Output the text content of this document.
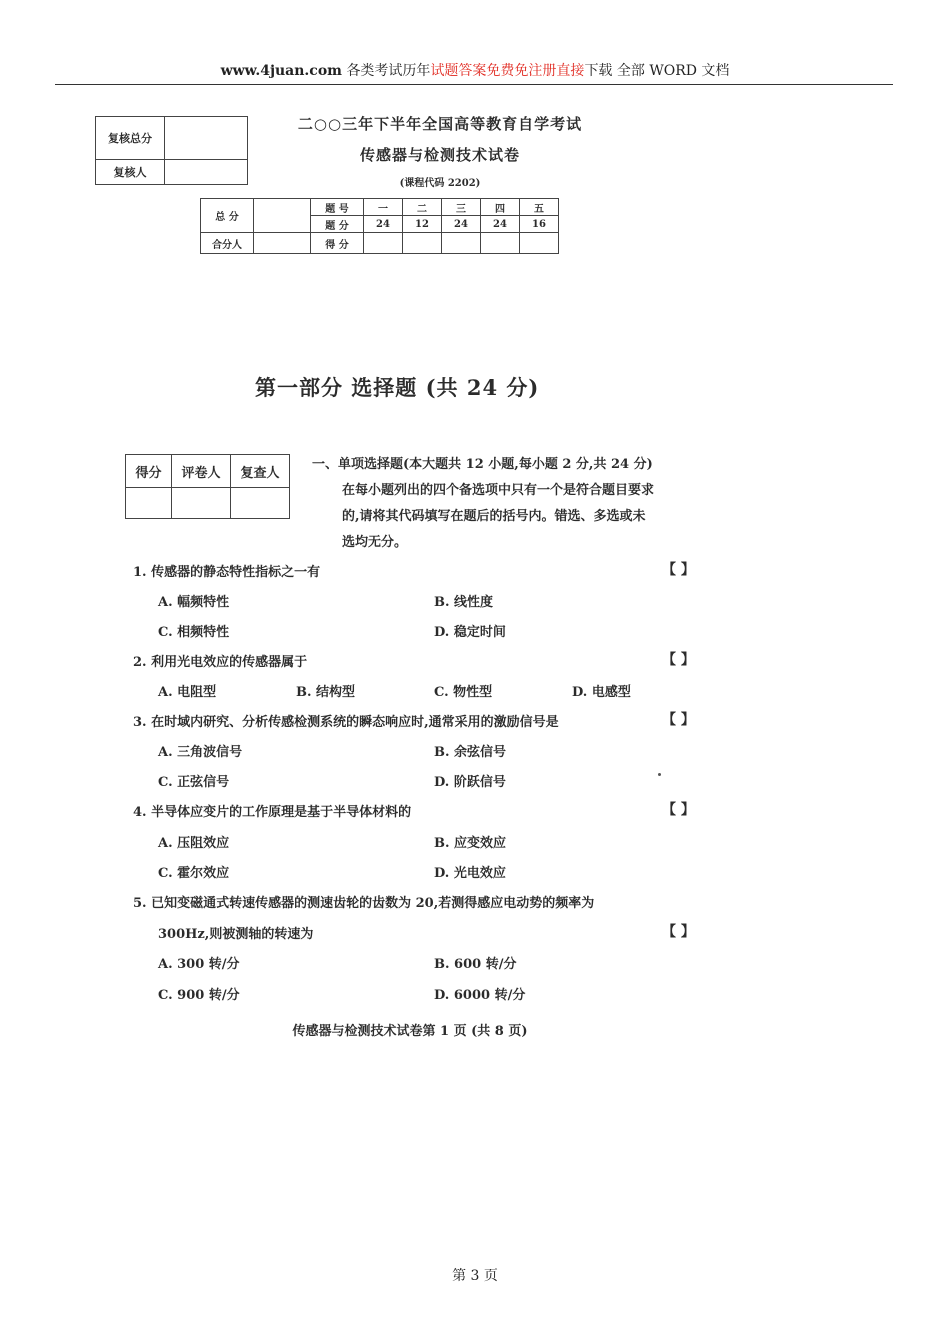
www.4juan.com 各类考试历年试题答案免费免注册直接下载 全部 WORD 文档
复核总分	
复核人	
二○○三年下半年全国高等教育自学考试
传感器与检测技术试卷
(课程代码 2202)
总 分		题 号	一	二	三	四	五
		题 分	24	12	24	24	16
合分人		得 分					
第一部分 选择题 (共 24 分)
得分	评卷人	复查人

一、单项选择题(本大题共 12 小题,每小题 2 分,共 24 分)
在每小题列出的四个备选项中只有一个是符合题目要求
的,请将其代码填写在题后的括号内。错选、多选或未
选均无分。
1. 传感器的静态特性指标之一有	【 】
A. 幅频特性	B. 线性度
C. 相频特性	D. 稳定时间
2. 利用光电效应的传感器属于	【 】
A. 电阻型	B. 结构型	C. 物性型	D. 电感型
3. 在时域内研究、分析传感检测系统的瞬态响应时,通常采用的激励信号是	【 】
A. 三角波信号	B. 余弦信号
C. 正弦信号	D. 阶跃信号
4. 半导体应变片的工作原理是基于半导体材料的	【 】
A. 压阻效应	B. 应变效应
C. 霍尔效应	D. 光电效应
5. 已知变磁通式转速传感器的测速齿轮的齿数为 20,若测得感应电动势的频率为
300Hz,则被测轴的转速为	【 】
A. 300 转/分	B. 600 转/分
C. 900 转/分	D. 6000 转/分
传感器与检测技术试卷第 1 页 (共 8 页)
第 3 页
